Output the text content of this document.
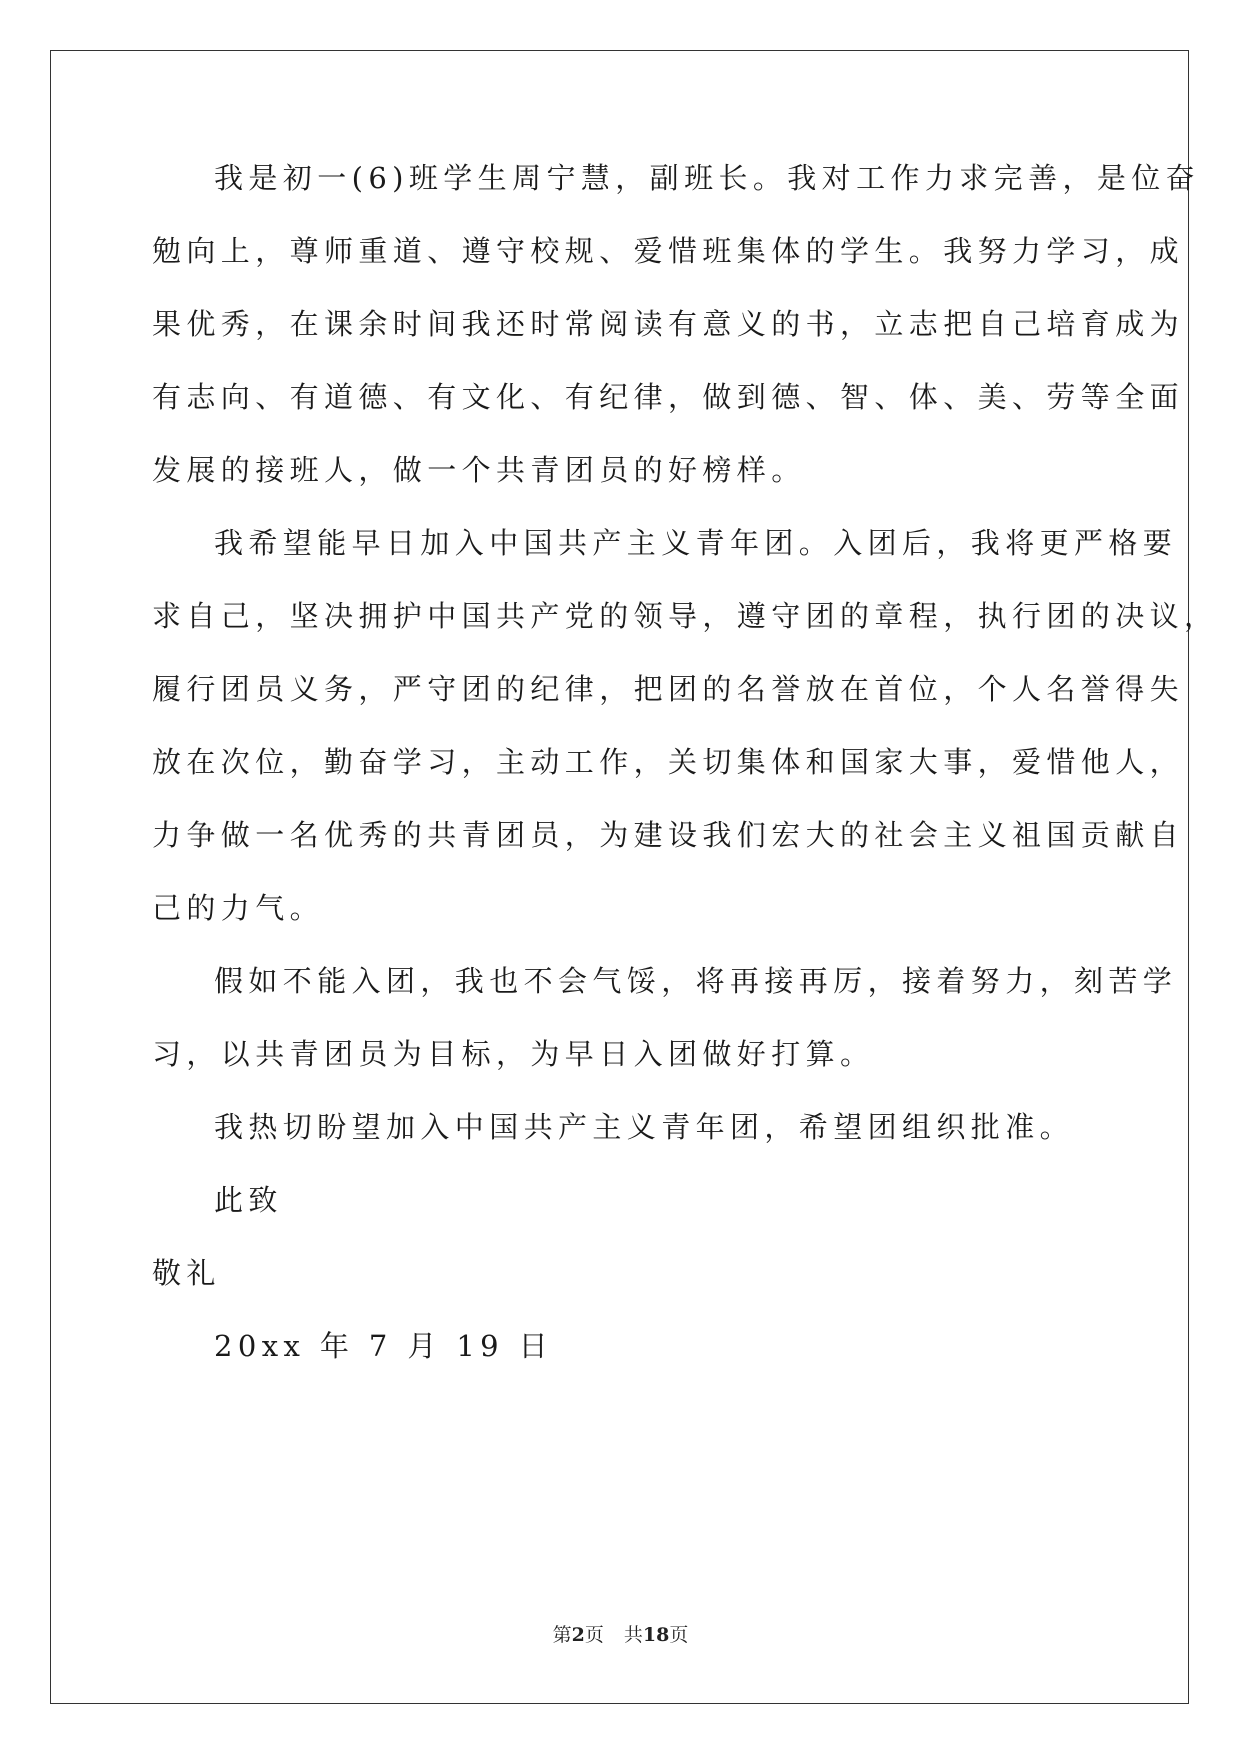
我是初一(6)班学生周宁慧，副班长。我对工作力求完善，是位奋
勉向上，尊师重道、遵守校规、爱惜班集体的学生。我努力学习，成
果优秀，在课余时间我还时常阅读有意义的书，立志把自己培育成为
有志向、有道德、有文化、有纪律，做到德、智、体、美、劳等全面
发展的接班人，做一个共青团员的好榜样。
我希望能早日加入中国共产主义青年团。入团后，我将更严格要
求自己，坚决拥护中国共产党的领导，遵守团的章程，执行团的决议，
履行团员义务，严守团的纪律，把团的名誉放在首位，个人名誉得失
放在次位，勤奋学习，主动工作，关切集体和国家大事，爱惜他人，
力争做一名优秀的共青团员，为建设我们宏大的社会主义祖国贡献自
己的力气。
假如不能入团，我也不会气馁，将再接再厉，接着努力，刻苦学
习，以共青团员为目标，为早日入团做好打算。
我热切盼望加入中国共产主义青年团，希望团组织批准。
此致
敬礼
20xx 年 7 月 19 日
第2页 共18页
